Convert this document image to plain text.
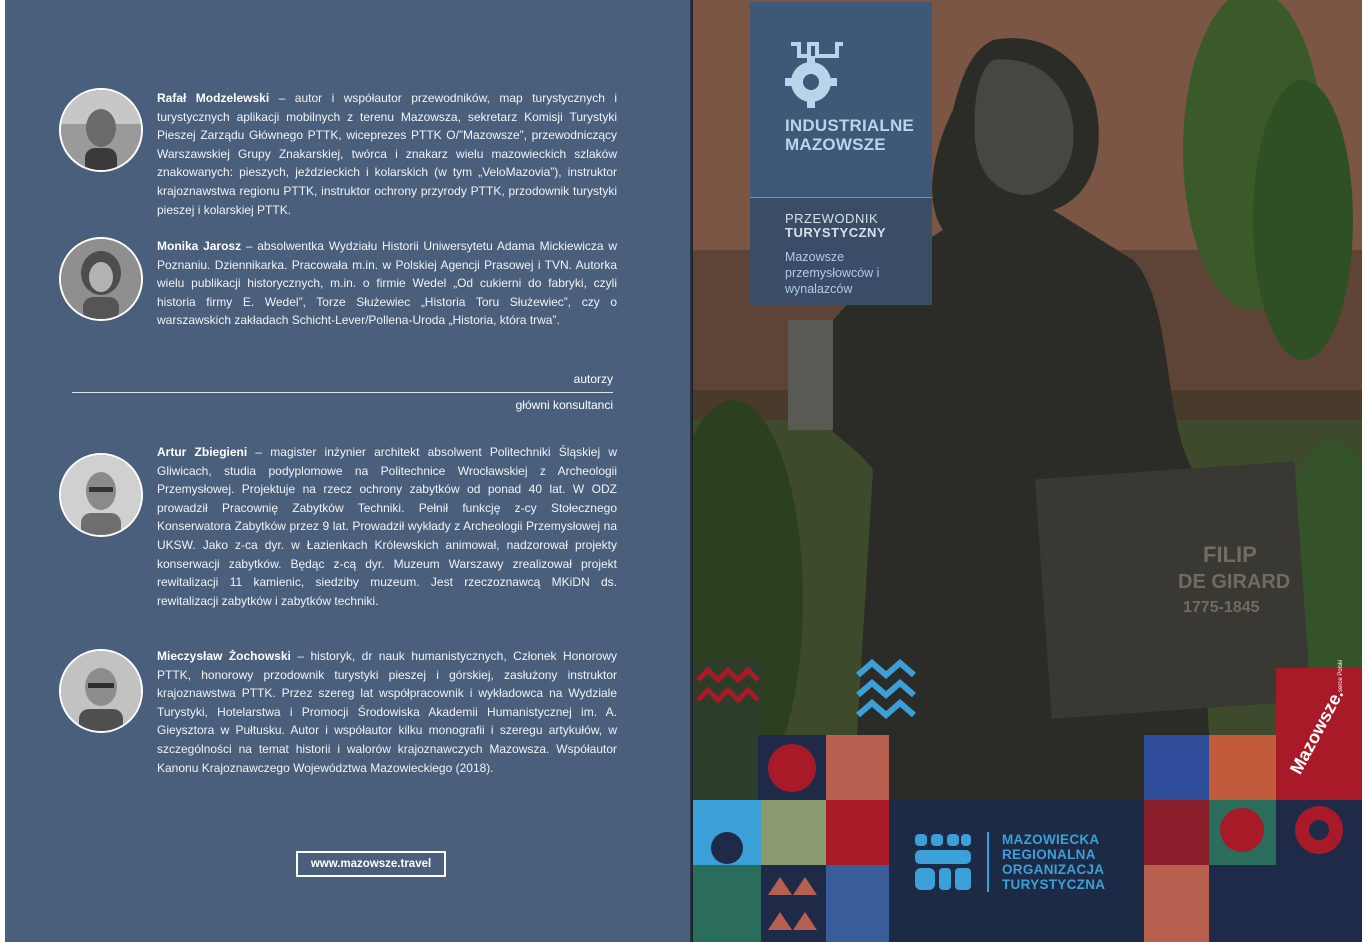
Rafał Modzelewski – autor i współautor przewodników, map turystycznych i turystycznych aplikacji mobilnych z terenu Mazowsza, sekretarz Komisji Turystyki Pieszej Zarządu Głównego PTTK, wiceprezes PTTK O/”Mazowsze”, przewodniczący Warszawskiej Grupy Znakarskiej, twórca i znakarz wielu mazowieckich szlaków znakowanych: pieszych, jeździeckich i kolarskich (w tym „VeloMazovia”), instruktor krajoznawstwa regionu PTTK, instruktor ochrony przyrody PTTK, przodownik turystyki pieszej i kolarskiej PTTK.
Monika Jarosz – absolwentka Wydziału Historii Uniwersytetu Adama Mickiewicza w Poznaniu. Dziennikarka. Pracowała m.in. w Polskiej Agencji Prasowej i TVN. Autorka wielu publikacji historycznych, m.in. o firmie Wedel „Od cukierni do fabryki, czyli historia firmy E. Wedel”, Torze Służewiec „Historia Toru Służewiec”, czy o warszawskich zakładach Schicht-Lever/Pollena-Uroda „Historia, która trwa”.
autorzy
główni konsultanci
Artur Zbiegieni – magister inżynier architekt absolwent Politechniki Śląskiej w Gliwicach, studia podyplomowe na Politechnice Wrocławskiej z Archeologii Przemysłowej. Projektuje na rzecz ochrony zabytków od ponad 40 lat. W ODZ prowadził Pracownię Zabytków Techniki. Pełnił funkcję z-cy Stołecznego Konserwatora Zabytków przez 9 lat. Prowadził wykłady z Archeologii Przemysłowej na UKSW. Jako z-ca dyr. w Łazienkach Królewskich animował, nadzorował projekty konserwacji zabytków. Będąc z-cą dyr. Muzeum Warszawy zrealizował projekt rewitalizacji 11 kamienic, siedziby muzeum. Jest rzeczoznawcą MKiDN ds. rewitalizacji zabytków i zabytków techniki.
Mieczysław Żochowski – historyk, dr nauk humanistycznych, Członek Honorowy PTTK, honorowy przodownik turystyki pieszej i górskiej, zasłużony instruktor krajoznawstwa PTTK. Przez szereg lat współpracownik i wykładowca na Wydziale Turystyki, Hotelarstwa i Promocji Środowiska Akademii Humanistycznej im. A. Gieysztora w Pułtusku. Autor i współautor kilku monografii i szeregu artykułów, w szczególności na temat historii i walorów krajoznawczych Mazowsza. Współautor Kanonu Krajoznawczego Województwa Mazowieckiego (2018).
www.mazowsze.travel
FILIP
DE GIRARD
1775-1845
INDUSTRIALNE
MAZOWSZE
PRZEWODNIK
TURYSTYCZNY
Mazowsze przemysłowców i wynalazców
MAZOWIECKA
REGIONALNA
ORGANIZACJA
TURYSTYCZNA
Mazowsze.
serce Polski
